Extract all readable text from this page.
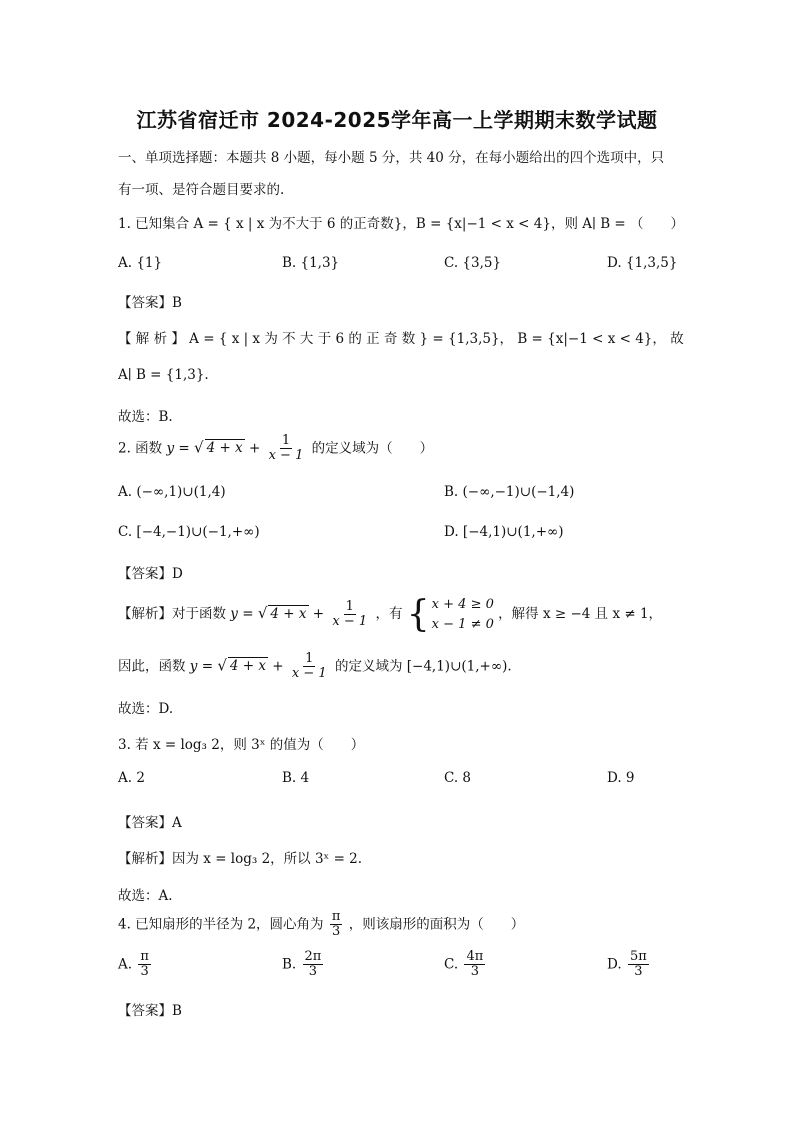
江苏省宿迁市 2024-2025学年高一上学期期末数学试题
一、单项选择题：本题共 8 小题，每小题 5 分，共 40 分，在每小题给出的四个选项中，只
有一项、是符合题目要求的.
1. 已知集合 A = { x | x 为不大于 6 的正奇数}，B = {x|−1 < x < 4}，则 A∣ B = （　　）
A. {1}	B. {1,3}	C. {3,5}	D. {1,3,5}
【答案】B
【 解 析 】 A = { x | x 为 不 大 于 6 的 正 奇 数 } = {1,3,5}， B = {x|−1 < x < 4}， 故
A∣ B = {1,3}.
故选：B.
2. 函数 y = √ $4 + x + \frac{1}{x - 1}$ 的定义域为（　　）
A. (−∞,1)∪(1,4)	B. (−∞,−1)∪(−1,4)
C. [−4,−1)∪(−1,+∞)	D. [−4,1)∪(1,+∞)
【答案】D
【解析】对于函数 y = √ $4 + x + \frac{1}{x - 1}$ ，有 { x + 4 ≥ 0
x − 1 ≠ 0
，解得 x ≥ −4 且 x ≠ 1，
因此，函数 y = √ $4 + x + \frac{1}{x - 1}$ 的定义域为 [−4,1)∪(1,+∞).
故选：D.
3. 若 x = log₃ 2，则 3ˣ 的值为（　　）
A. 2	B. 4	C. 8	D. 9
【答案】A
【解析】因为 x = log₃ 2，所以 3ˣ = 2.
故选：A.
4. 已知扇形的半径为 2，圆心角为 $\frac{\pi}{3}$ ，则该扇形的面积为（　　）
A. $\frac{\pi}{3}$	B. $\frac{2\pi}{3}$	C. $\frac{4\pi}{3}$	D. $\frac{5\pi}{3}$
【答案】B
